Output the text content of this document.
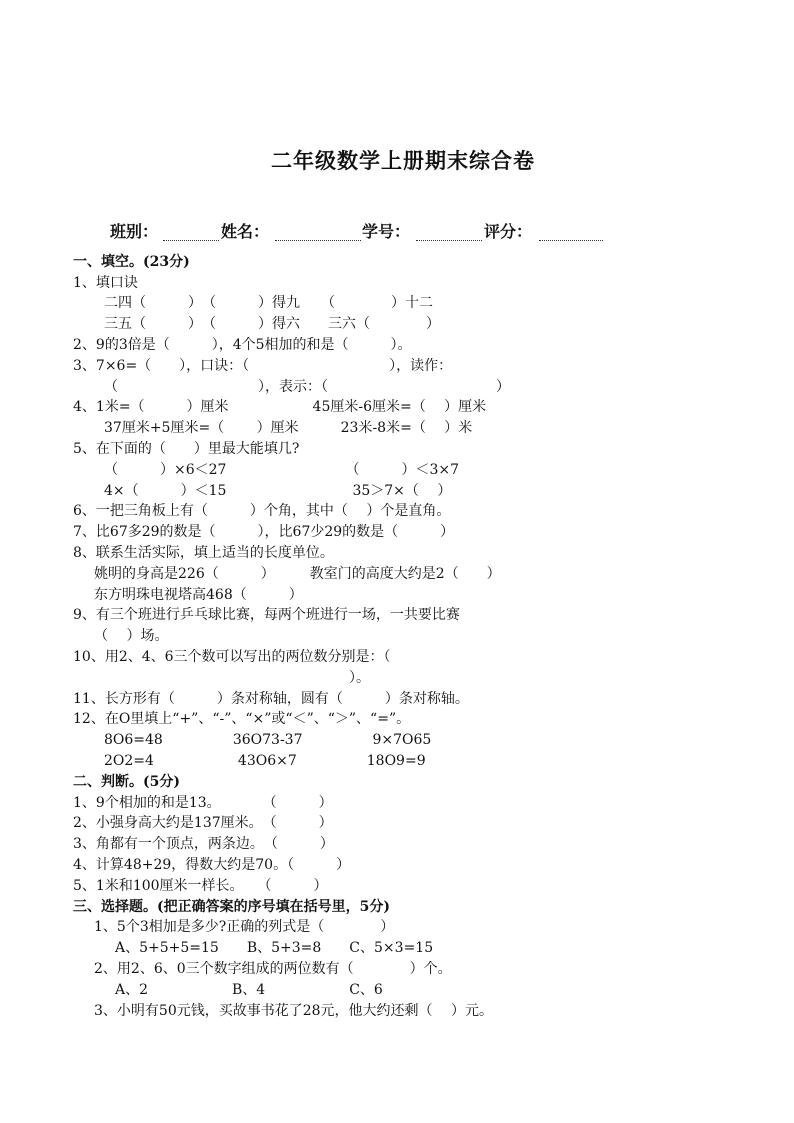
二年级数学上册期末综合卷
班别：	姓名：	学号：	评分：
一、填空。(23分)
1、填口诀
二四（　　　）　（　　　）得九　　（　　　　）十二
三五（　　　）　（　　　）得六　　三六（　　　　）
2、9的3倍是（　　　），4个5相加的和是（　　　）。
3、7×6=（　　），口诀：（　　　　　　　　　　），读作：
（　　　　　　　　　　），表示：（　　　　　　　　　　　　）
4、1米=（　　　）厘米　　　　　　45厘米-6厘米=（　 ）厘米
37厘米+5厘米=（　　 ）厘米　　　23米-8米=（　 ）米
5、在下面的（　　）里最大能填几?
（　　　）×6＜27　　　　　　　　　（　　　）＜3×7
4×（　　　）＜15　　　　　　　　　35＞7×（　 ）
6、一把三角板上有（　　　）个角，其中（　 ）个是直角。
7、比67多29的数是（　　　），比67少29的数是（　　　）
8、联系生活实际，填上适当的长度单位。
姚明的身高是226（　　　）　　　教室门的高度大约是2（　　）
东方明珠电视塔高468（　　　）
9、有三个班进行乒乓球比赛，每两个班进行一场，一共要比赛
（　 ）场。
10、用2、4、6三个数可以写出的两位数分别是：（
）。
11、长方形有（　　　）条对称轴，圆有（　　　）条对称轴。
12、在O里填上“+”、“-”、“×”或“＜”、“＞”、“=”。
8O6=48　　　　　36O73-37　　　　　9×7O65
2O2=4　　　　　　43O6×7　　　　　18O9=9
二、判断。(5分)
1、9个相加的和是13。　　　　（　　　）
2、小强身高大约是137厘米。　（　　　）
3、角都有一个顶点，两条边。　（　　　）
4、计算48+29，得数大约是70。（　　　）
5、1米和100厘米一样长。　　（　　　）
三、选择题。(把正确答案的序号填在括号里，5分)
1、5个3相加是多少?正确的列式是（　　　　）
A、5+5+5=15　　B、5+3=8　　C、5×3=15
2、用2、6、0三个数字组成的两位数有（　　　　）个。
A、2　　　　　　B、4　　　　　　C、6
3、小明有50元钱，买故事书花了28元，他大约还剩（　 ）元。
